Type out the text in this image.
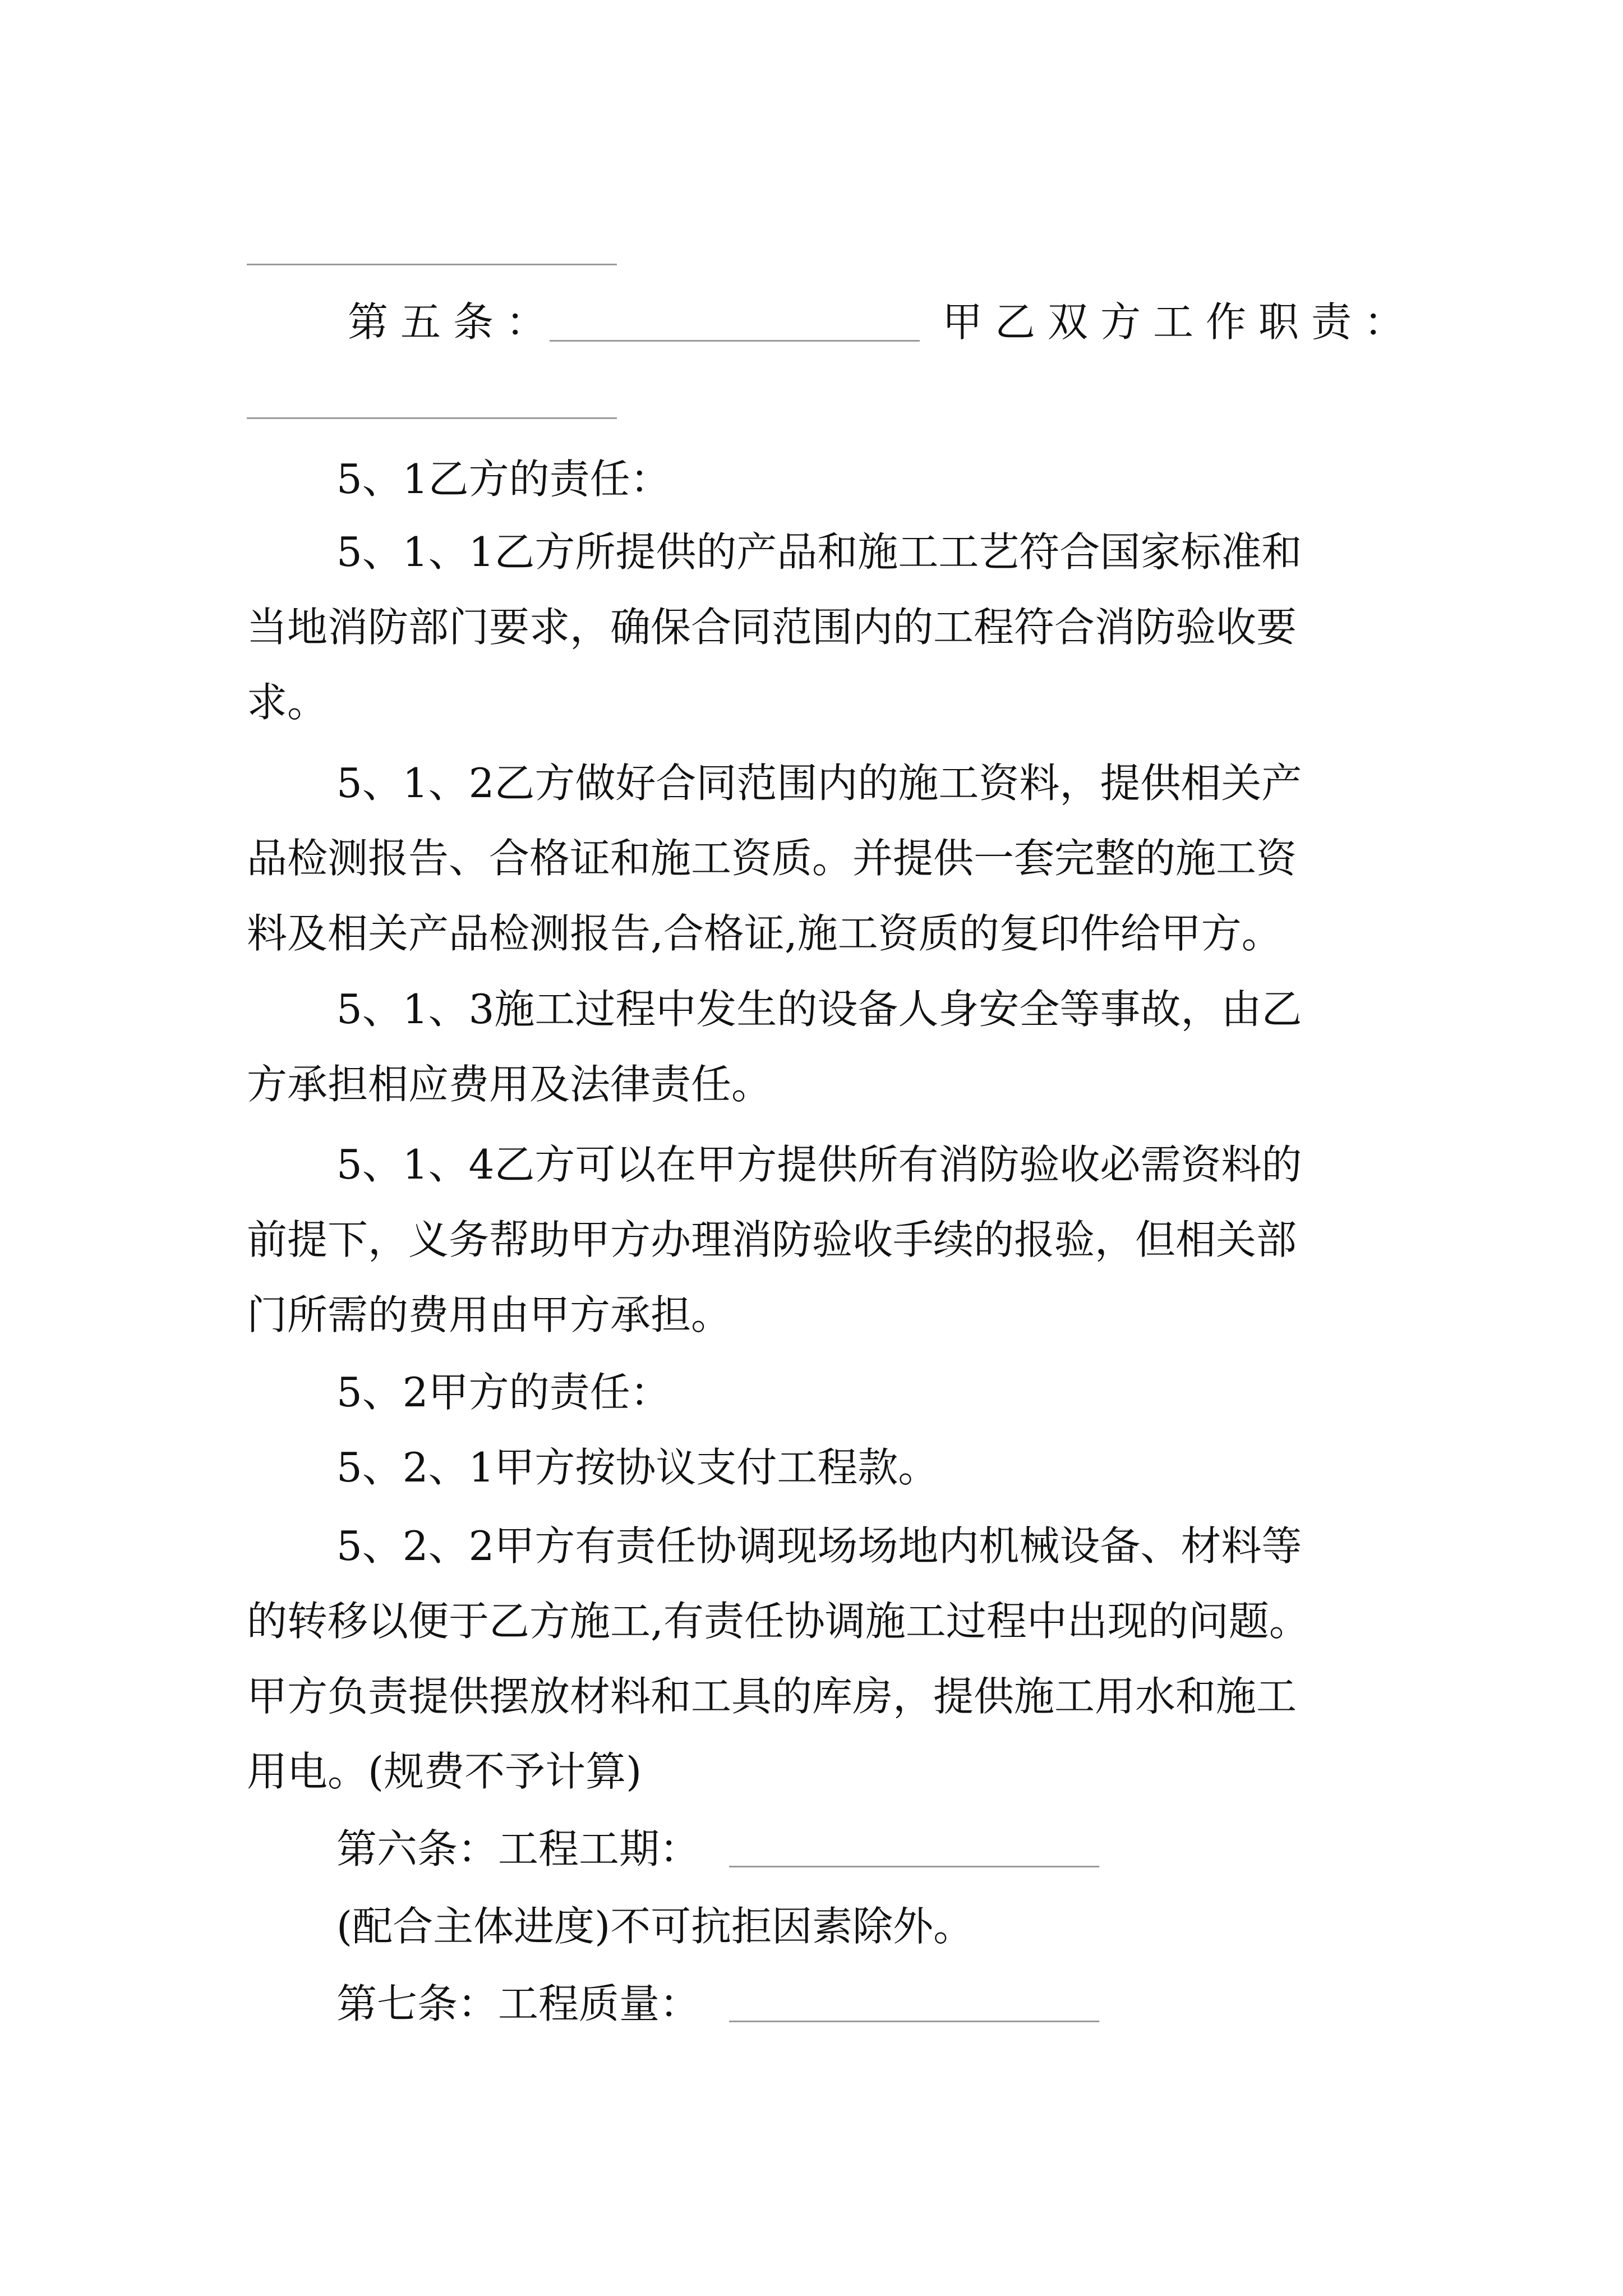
第五条：	甲乙双方工作职责：
5、1乙方的责任：
5、1、1乙方所提供的产品和施工工艺符合国家标准和
当地消防部门要求，确保合同范围内的工程符合消防验收要
求。
5、1、2乙方做好合同范围内的施工资料，提供相关产
品检测报告、合格证和施工资质。并提供一套完整的施工资
料及相关产品检测报告,合格证,施工资质的复印件给甲方。
5、1、3施工过程中发生的设备人身安全等事故，由乙
方承担相应费用及法律责任。
5、1、4乙方可以在甲方提供所有消防验收必需资料的
前提下，义务帮助甲方办理消防验收手续的报验，但相关部
门所需的费用由甲方承担。
5、2甲方的责任：
5、2、1甲方按协议支付工程款。
5、2、2甲方有责任协调现场场地内机械设备、材料等
的转移以便于乙方施工,有责任协调施工过程中出现的问题。
甲方负责提供摆放材料和工具的库房，提供施工用水和施工
用电。(规费不予计算)
第六条：工程工期：
(配合主体进度)不可抗拒因素除外。
第七条：工程质量：
